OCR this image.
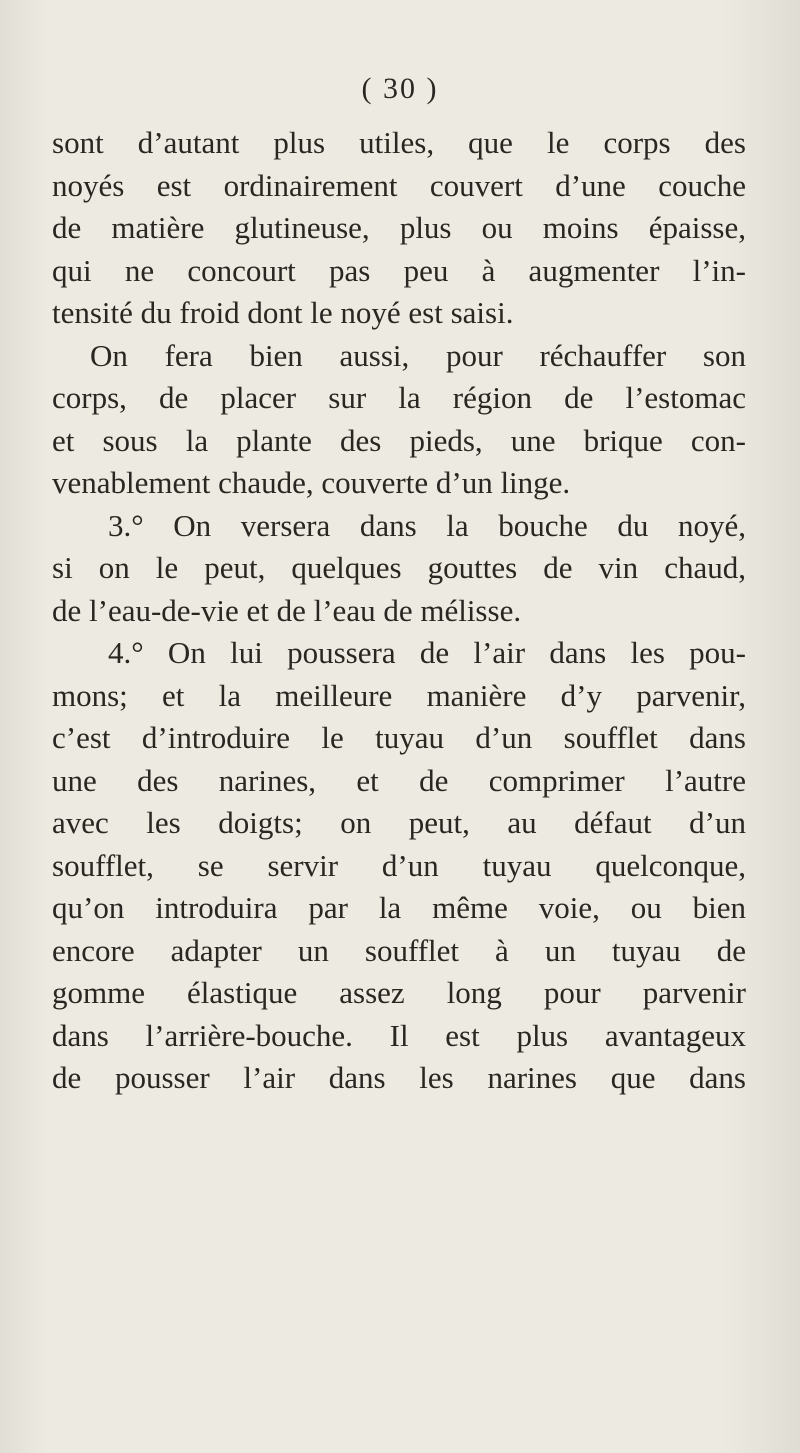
( 30 )
sont d’autant plus utiles, que le corps des
noyés est ordinairement couvert d’une couche
de matière glutineuse, plus ou moins épaisse,
qui ne concourt pas peu à augmenter l’in-
tensité du froid dont le noyé est saisi.
On fera bien aussi, pour réchauffer son
corps, de placer sur la région de l’estomac
et sous la plante des pieds, une brique con-
venablement chaude, couverte d’un linge.
3.° On versera dans la bouche du noyé,
si on le peut, quelques gouttes de vin chaud,
de l’eau-de-vie et de l’eau de mélisse.
4.° On lui poussera de l’air dans les pou-
mons; et la meilleure manière d’y parvenir,
c’est d’introduire le tuyau d’un soufflet dans
une des narines, et de comprimer l’autre
avec les doigts; on peut, au défaut d’un
soufflet, se servir d’un tuyau quelconque,
qu’on introduira par la même voie, ou bien
encore adapter un soufflet à un tuyau de
gomme élastique assez long pour parvenir
dans l’arrière-bouche. Il est plus avantageux
de pousser l’air dans les narines que dans
